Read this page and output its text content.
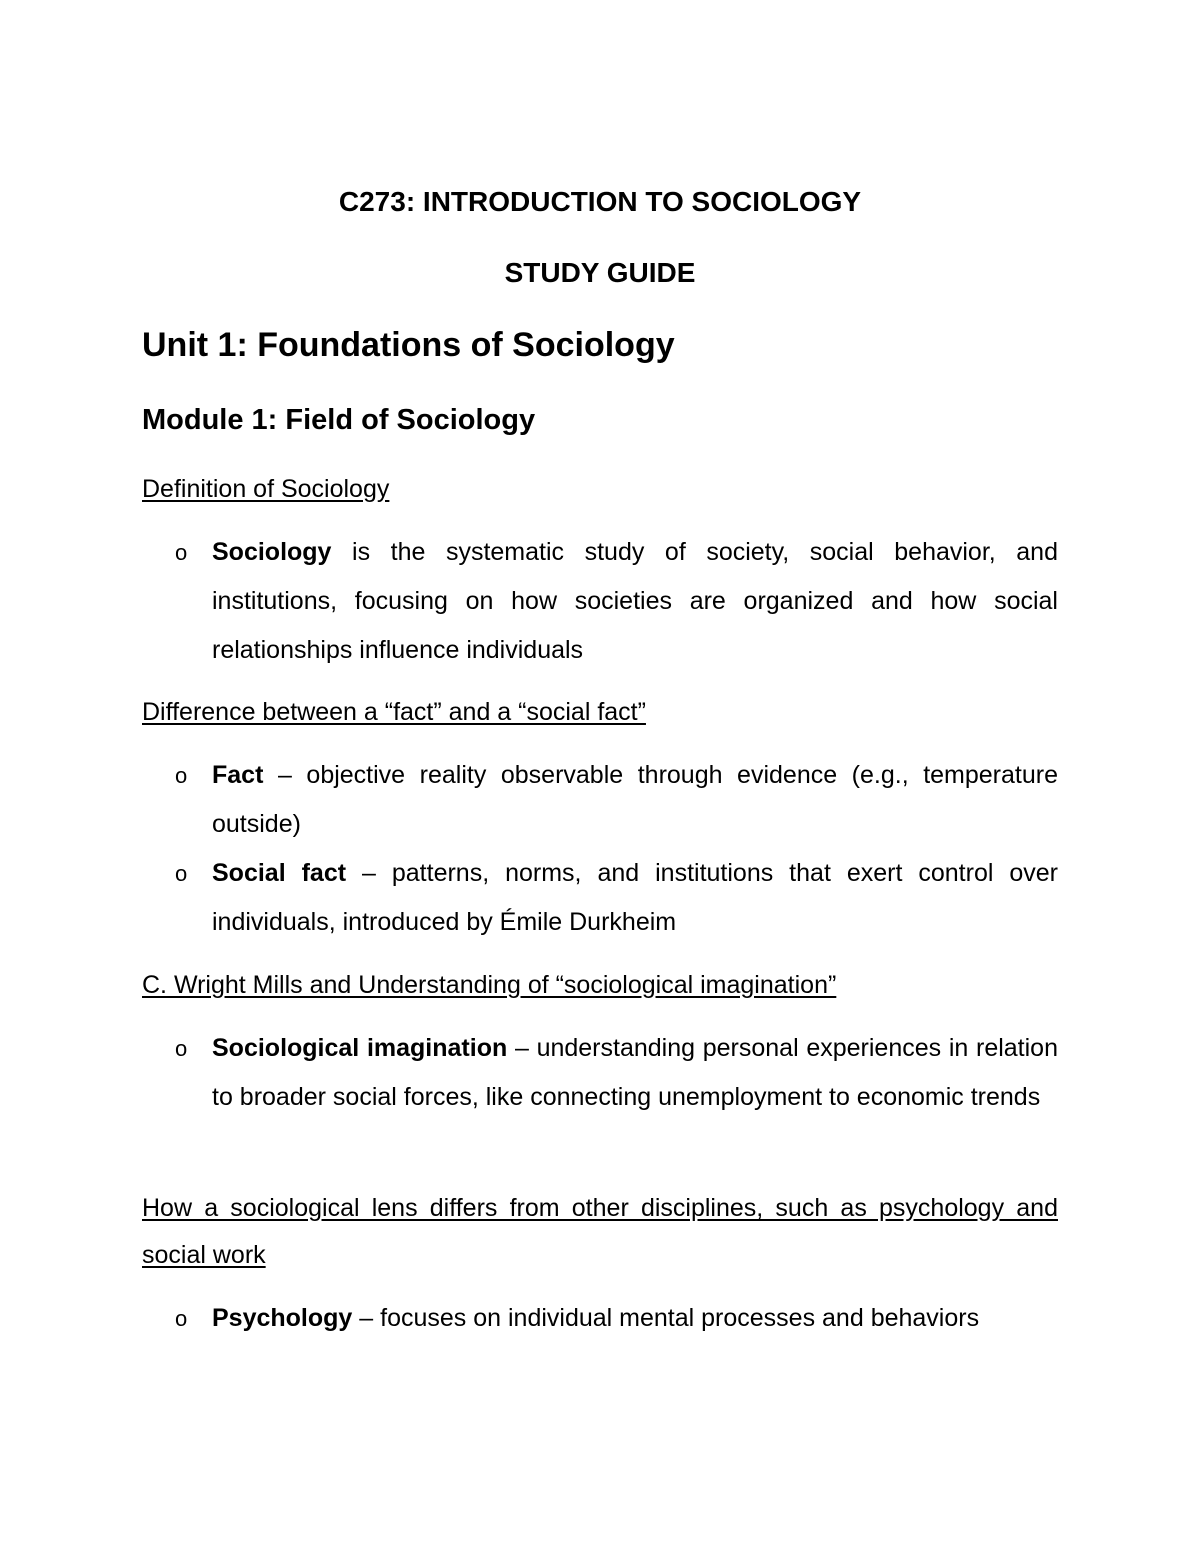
C273: INTRODUCTION TO SOCIOLOGY
STUDY GUIDE
Unit 1: Foundations of Sociology
Module 1: Field of Sociology
Definition of Sociology
o Sociology is the systematic study of society, social behavior, and institutions, focusing on how societies are organized and how social relationships influence individuals
Difference between a “fact” and a “social fact”
o Fact – objective reality observable through evidence (e.g., temperature outside)
o Social fact – patterns, norms, and institutions that exert control over individuals, introduced by Émile Durkheim
C. Wright Mills and Understanding of “sociological imagination”
o Sociological imagination – understanding personal experiences in relation to broader social forces, like connecting unemployment to economic trends
How a sociological lens differs from other disciplines, such as psychology and social work
o Psychology – focuses on individual mental processes and behaviors
